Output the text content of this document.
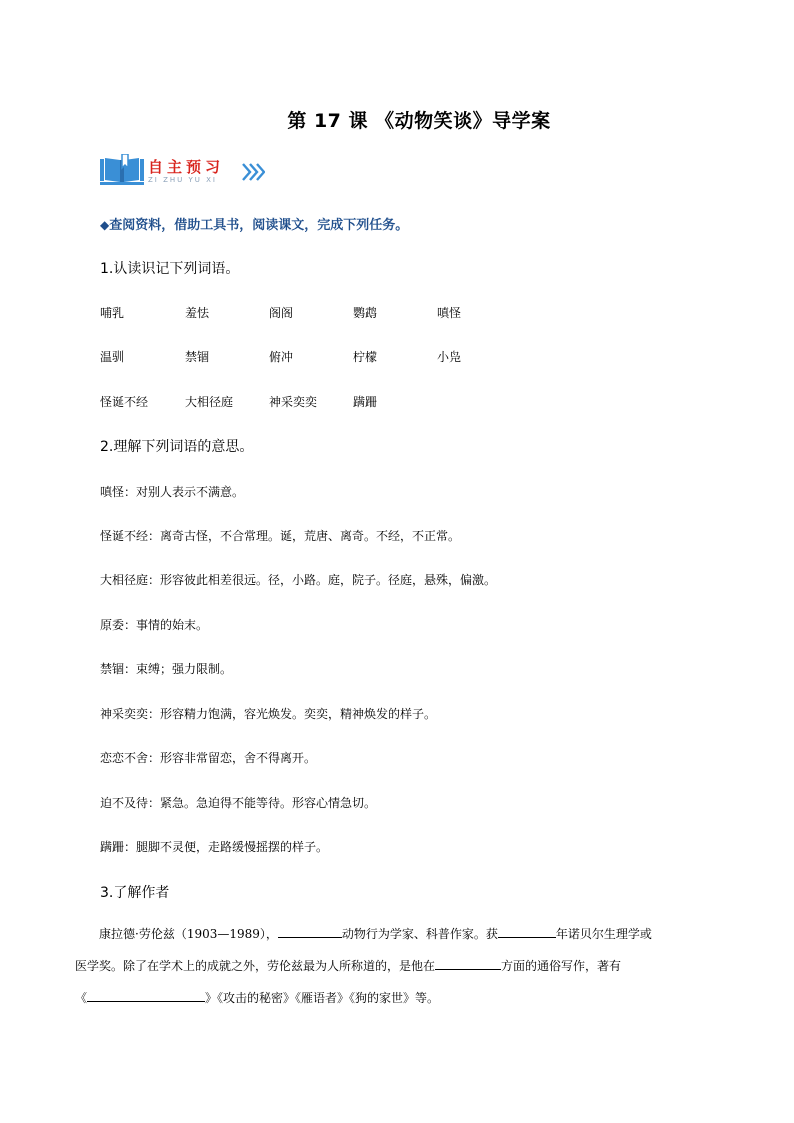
第 17 课 《动物笑谈》导学案
自主预习
ZI ZHU YU XI
◆查阅资料，借助工具书，阅读课文，完成下列任务。
1.认读识记下列词语。
哺乳	羞怯	阁阁	鹦鹉	嗔怪
温驯	禁锢	俯冲	柠檬	小凫
怪诞不经	大相径庭	神采奕奕	蹒跚
2.理解下列词语的意思。
嗔怪：对别人表示不满意。
怪诞不经：离奇古怪，不合常理。诞，荒唐、离奇。不经，不正常。
大相径庭：形容彼此相差很远。径，小路。庭，院子。径庭，悬殊，偏激。
原委：事情的始末。
禁锢：束缚；强力限制。
神采奕奕：形容精力饱满，容光焕发。奕奕，精神焕发的样子。
恋恋不舍：形容非常留恋，舍不得离开。
迫不及待：紧急。急迫得不能等待。形容心情急切。
蹒跚：腿脚不灵便，走路缓慢摇摆的样子。
3.了解作者
康拉德·劳伦兹（1903—1989），	动物行为学家、科普作家。获	年诺贝尔生理学或
医学奖。除了在学术上的成就之外，劳伦兹最为人所称道的，是他在	方面的通俗写作，著有
《	》《攻击的秘密》《雁语者》《狗的家世》等。
